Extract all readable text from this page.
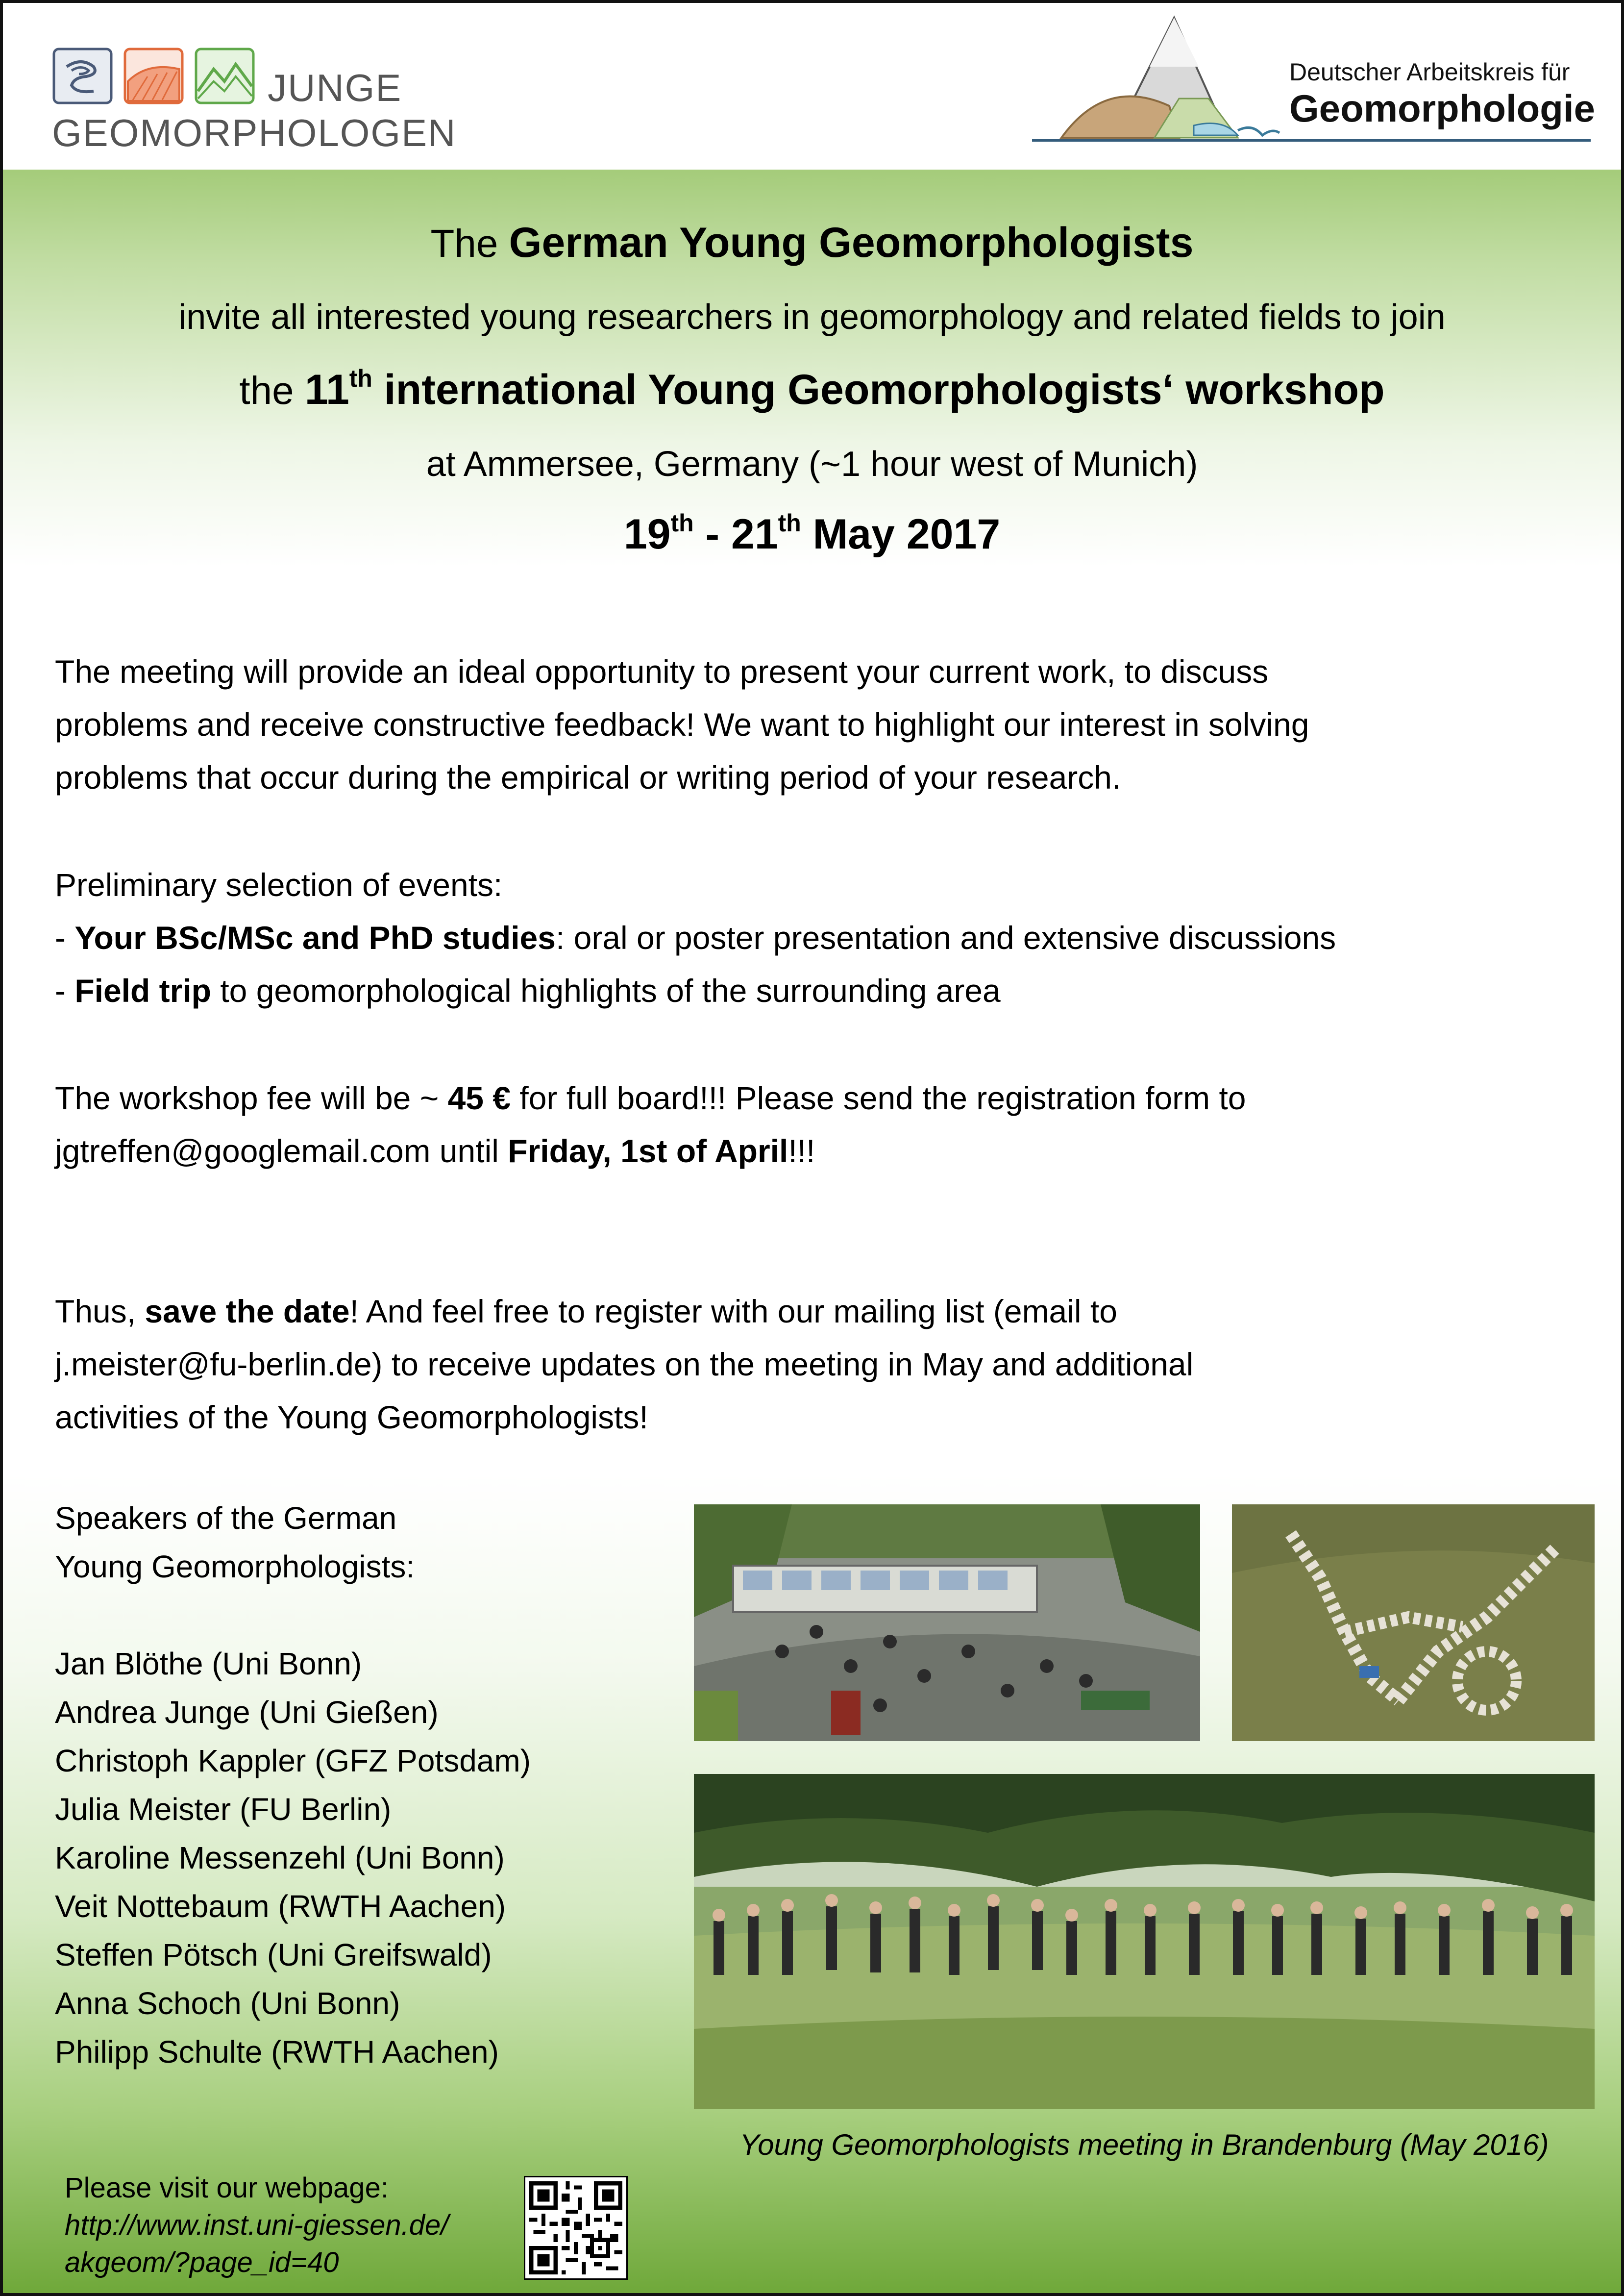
JUNGE
GEOMORPHOLOGEN
Deutscher Arbeitskreis für
Geomorphologie
The German Young Geomorphologists
invite all interested young researchers in geomorphology and related fields to join
the 11th international Young Geomorphologists‘ workshop
at Ammersee, Germany (~1 hour west of Munich)
19th - 21th May 2017
The meeting will provide an ideal opportunity to present your current work, to discuss
problems and receive constructive feedback! We want to highlight our interest in solving
problems that occur during the empirical or writing period of your research.
Preliminary selection of events:
- Your BSc/MSc and PhD studies: oral or poster presentation and extensive discussions
- Field trip to geomorphological highlights of the surrounding area
The workshop fee will be ~ 45 € for full board!!! Please send the registration form to
jgtreffen@googlemail.com until Friday, 1st of April!!!
Thus, save the date! And feel free to register with our mailing list (email to
j.meister@fu-berlin.de) to receive updates on the meeting in May and additional
activities of the Young Geomorphologists!
Speakers of the German
Young Geomorphologists:
Jan Blöthe (Uni Bonn)
Andrea Junge (Uni Gießen)
Christoph Kappler (GFZ Potsdam)
Julia Meister (FU Berlin)
Karoline Messenzehl (Uni Bonn)
Veit Nottebaum (RWTH Aachen)
Steffen Pötsch (Uni Greifswald)
Anna Schoch (Uni Bonn)
Philipp Schulte (RWTH Aachen)
Young Geomorphologists meeting in Brandenburg (May 2016)
Please visit our webpage:
http://www.inst.uni-giessen.de/
akgeom/?page_id=40
